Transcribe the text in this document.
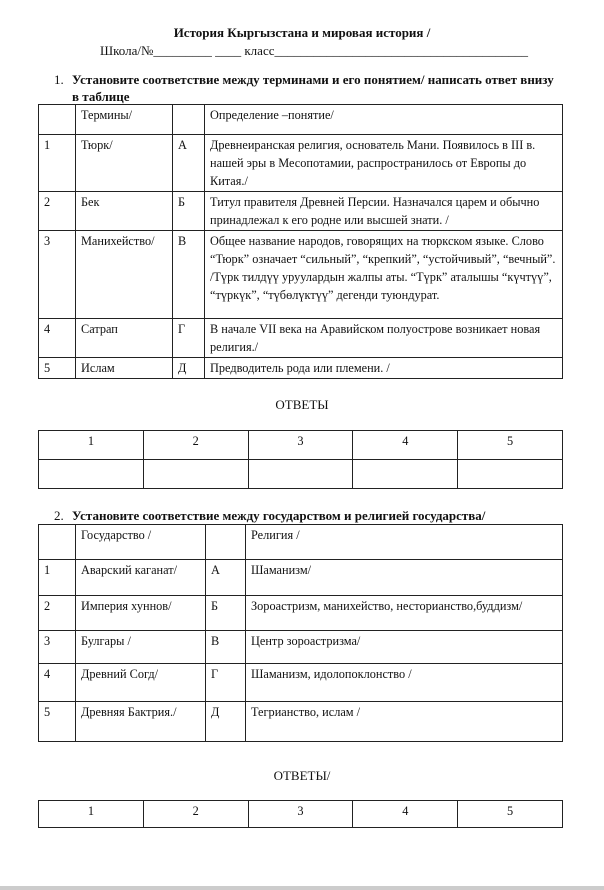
История Кыргызстана и мировая история /
Школа/№_________ ____ класс_______________________________________
1. Установите соответствие между терминами и его понятием/ написать ответ внизу в таблице
	Термины/		Определение –понятие/
1	Тюрк/	А	Древнеиранская религия, основатель Мани. Появилось в III в. нашей эры в Месопотамии, распространилось от Европы до Китая./
2	Бек	Б	Титул правителя Древней Персии. Назначался царем и обычно принадлежал к его родне или высшей знати. /
3	Манихейство/	В	Общее название народов, говорящих на тюркском языке. Слово “Тюрк” означает “сильный”, “крепкий”, “устойчивый”, “вечный”. /Түрк тилдүү уруулардын жалпы аты. “Түрк” аталышы “күчтүү”, “түркүк”, “түбөлүктүү” дегенди туюндурат.
4	Сатрап	Г	В начале VII века на Аравийском полуострове возникает новая религия./
5	Ислам	Д	Предводитель рода или племени. /
ОТВЕТЫ
1	2	3	4	5

2. Установите соответствие между государством и религией государства/
	Государство /		Религия /
1	Аварский каганат/	А	Шаманизм/
2	Империя хуннов/	Б	Зороастризм, манихейство, несторианство,буддизм/
3	Булгары /	В	Центр зороастризма/
4	Древний Согд/	Г	Шаманизм, идолопоклонство /
5	Древняя Бактрия./	Д	Тегрианство, ислам /
ОТВЕТЫ/
1	2	3	4	5
